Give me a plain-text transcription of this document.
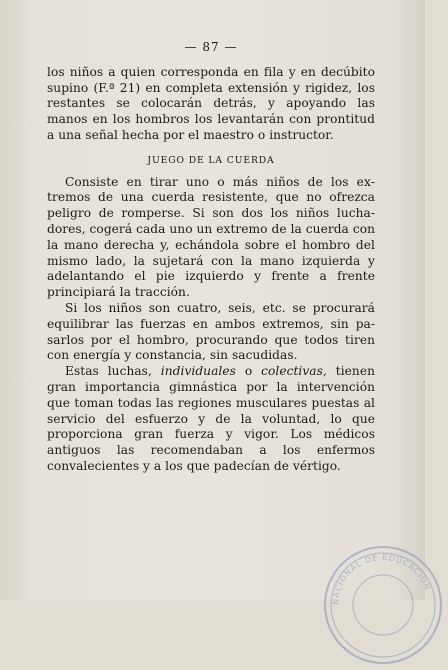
— 87 —

los niños a quien corresponda en fila y en decúbito supino (F.ª 21) en completa extensión y rigidez, los restantes se colocarán detrás, y apoyando las manos en los hombros los levantarán con prontitud a una señal hecha por el maestro o instructor.

JUEGO DE LA CUERDA

Consiste en tirar uno o más niños de los extremos de una cuerda resistente, que no ofrezca peligro de romperse. Si son dos los niños luchadores, cogerá cada uno un extremo de la cuerda con la mano derecha y, echándola sobre el hombro del mismo lado, la sujetará con la mano izquierda y adelantando el pie izquierdo y frente a frente principiará la tracción.

Si los niños son cuatro, seis, etc. se procurará equilibrar las fuerzas en ambos extremos, sin pasarlos por el hombro, procurando que todos tiren con energía y constancia, sin sacudidas.

Estas luchas, individuales o colectivas, tienen gran importancia gimnástica por la intervención que toman todas las regiones musculares puestas al servicio del esfuerzo y de la voluntad, lo que proporciona gran fuerza y vigor. Los médicos antiguos las recomendaban a los enfermos convalecientes y a los que padecían de vértigo.

NACIONAL DE EDUCACIÓN
